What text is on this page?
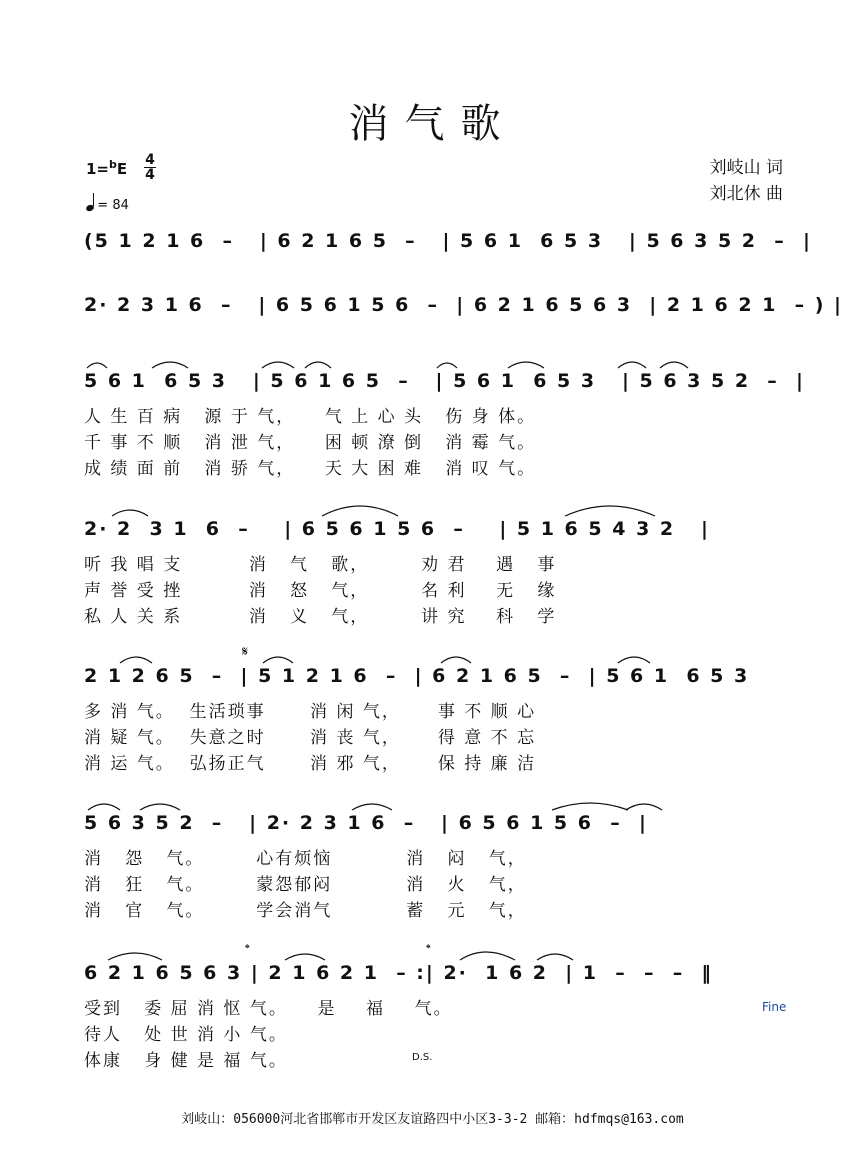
消气歌
1=$^b$E 4
4
= 84
刘岐山 词
刘北休 曲
(5 1 2 1 6  –   | 6 2 1 6 5  –   | 5 6 1  6 5 3   | 5 6 3 5 2  –  |
2· 2 3 1 6  –   | 6 5 6 1 5 6  –  | 6 2 1 6 5 6 3  | 2 1 6 2 1  – ) |
5 6 1  6 5 3   | 5 6 1 6 5  –   | 5 6 1  6 5 3   | 5 6 3 5 2  –  |
2· 2  3 1  6  –    | 6 5 6 1 5 6  –    | 5 1 6 5 4 3 2   |
2 1 2 6 5  –  | 5 1 2 1 6  –  | 6 2 1 6 5  –  | 5 6 1  6 5 3
5 6 3 5 2  –   | 2· 2 3 1 6  –   | 6 5 6 1 5 6  –  |
6 2 1 6 5 6 3 | 2 1 6 2 1  – :| 2·  1 6 2  | 1  –  –  –  ‖

人 生 百 病   源 于 气，    气 上 心 头   伤 身 体。

千 事 不 顺   消 泄 气，    困 顿 潦 倒   消 霉 气。

成 绩 面 前   消 骄 气，    天 大 困 难   消 叹 气。

听 我 唱 支         消   气   歌，       劝 君    遇   事

声 誉 受 挫         消   怒   气，       名 利    无   缘

私 人 关 系         消   义   气，       讲 究    科   学

多 消 气。  生活琐事      消 闲 气，     事 不 顺 心

消 疑 气。  失意之时      消 丧 气，     得 意 不 忘

消 运 气。  弘扬正气      消 邪 气，     保 持 廉 洁

消   怨   气。       心有烦恼          消   闷   气，

消   狂   气。       蒙怨郁闷          消   火   气，

消   官   气。       学会消气          蓄   元   气，

受到   委 屈 消 怄 气。    是    福    气。

待人   处 世 消 小 气。

体康   身 健 是 福 气。

Fine
D.S.
𝄋
𝄌	𝄌
刘岐山：056000河北省邯郸市开发区友谊路四中小区3-3-2 邮箱：hdfmqs@163.com
